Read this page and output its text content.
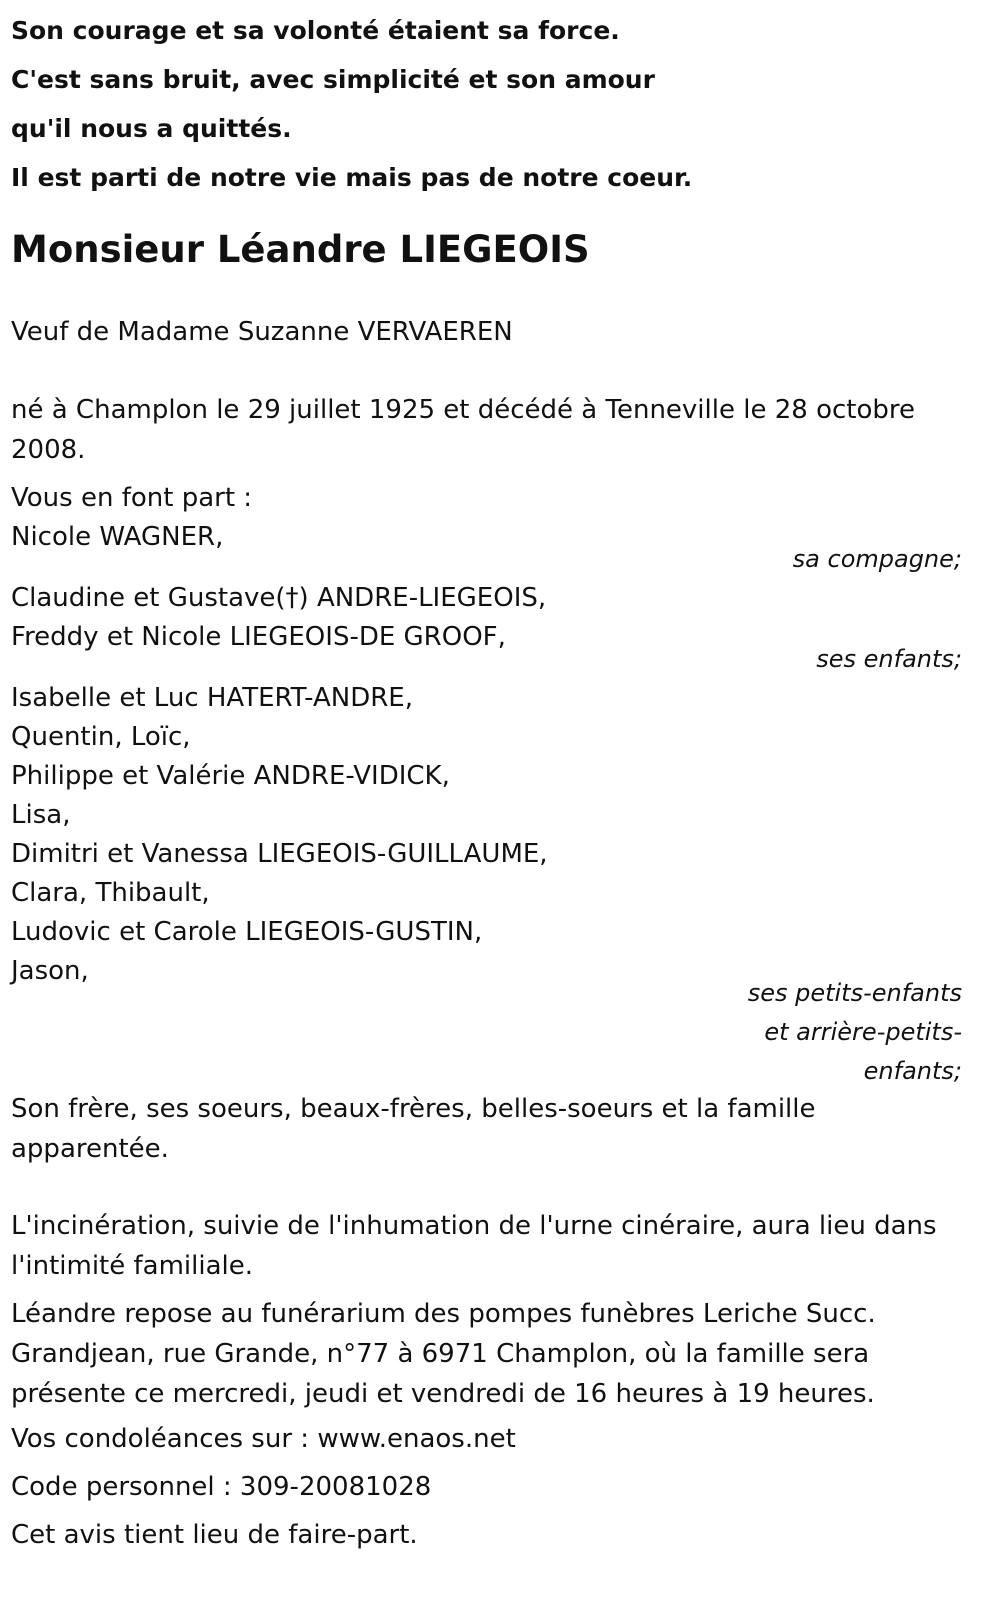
Son courage et sa volonté étaient sa force.

C'est sans bruit, avec simplicité et son amour

qu'il nous a quittés.

Il est parti de notre vie mais pas de notre coeur.

Monsieur Léandre LIEGEOIS

Veuf de Madame Suzanne VERVAEREN

né à Champlon le 29 juillet 1925 et décédé à Tenneville le 28 octobre 2008.

Vous en font part :

Nicole WAGNER,

sa compagne;

Claudine et Gustave(†) ANDRE-LIEGEOIS,

Freddy et Nicole LIEGEOIS-DE GROOF,

ses enfants;

Isabelle et Luc HATERT-ANDRE,

Quentin, Loïc,

Philippe et Valérie ANDRE-VIDICK,

Lisa,

Dimitri et Vanessa LIEGEOIS-GUILLAUME,

Clara, Thibault,

Ludovic et Carole LIEGEOIS-GUSTIN,

Jason,

ses petits-enfants
et arrière-petits-
enfants;

Son frère, ses soeurs, beaux-frères, belles-soeurs et la famille apparentée.

L'incinération, suivie de l'inhumation de l'urne cinéraire, aura lieu dans l'intimité familiale.

Léandre repose au funérarium des pompes funèbres Leriche Succ. Grandjean, rue Grande, n°77 à 6971 Champlon, où la famille sera présente ce mercredi, jeudi et vendredi de 16 heures à 19 heures.

Vos condoléances sur : www.enaos.net

Code personnel : 309-20081028

Cet avis tient lieu de faire-part.
